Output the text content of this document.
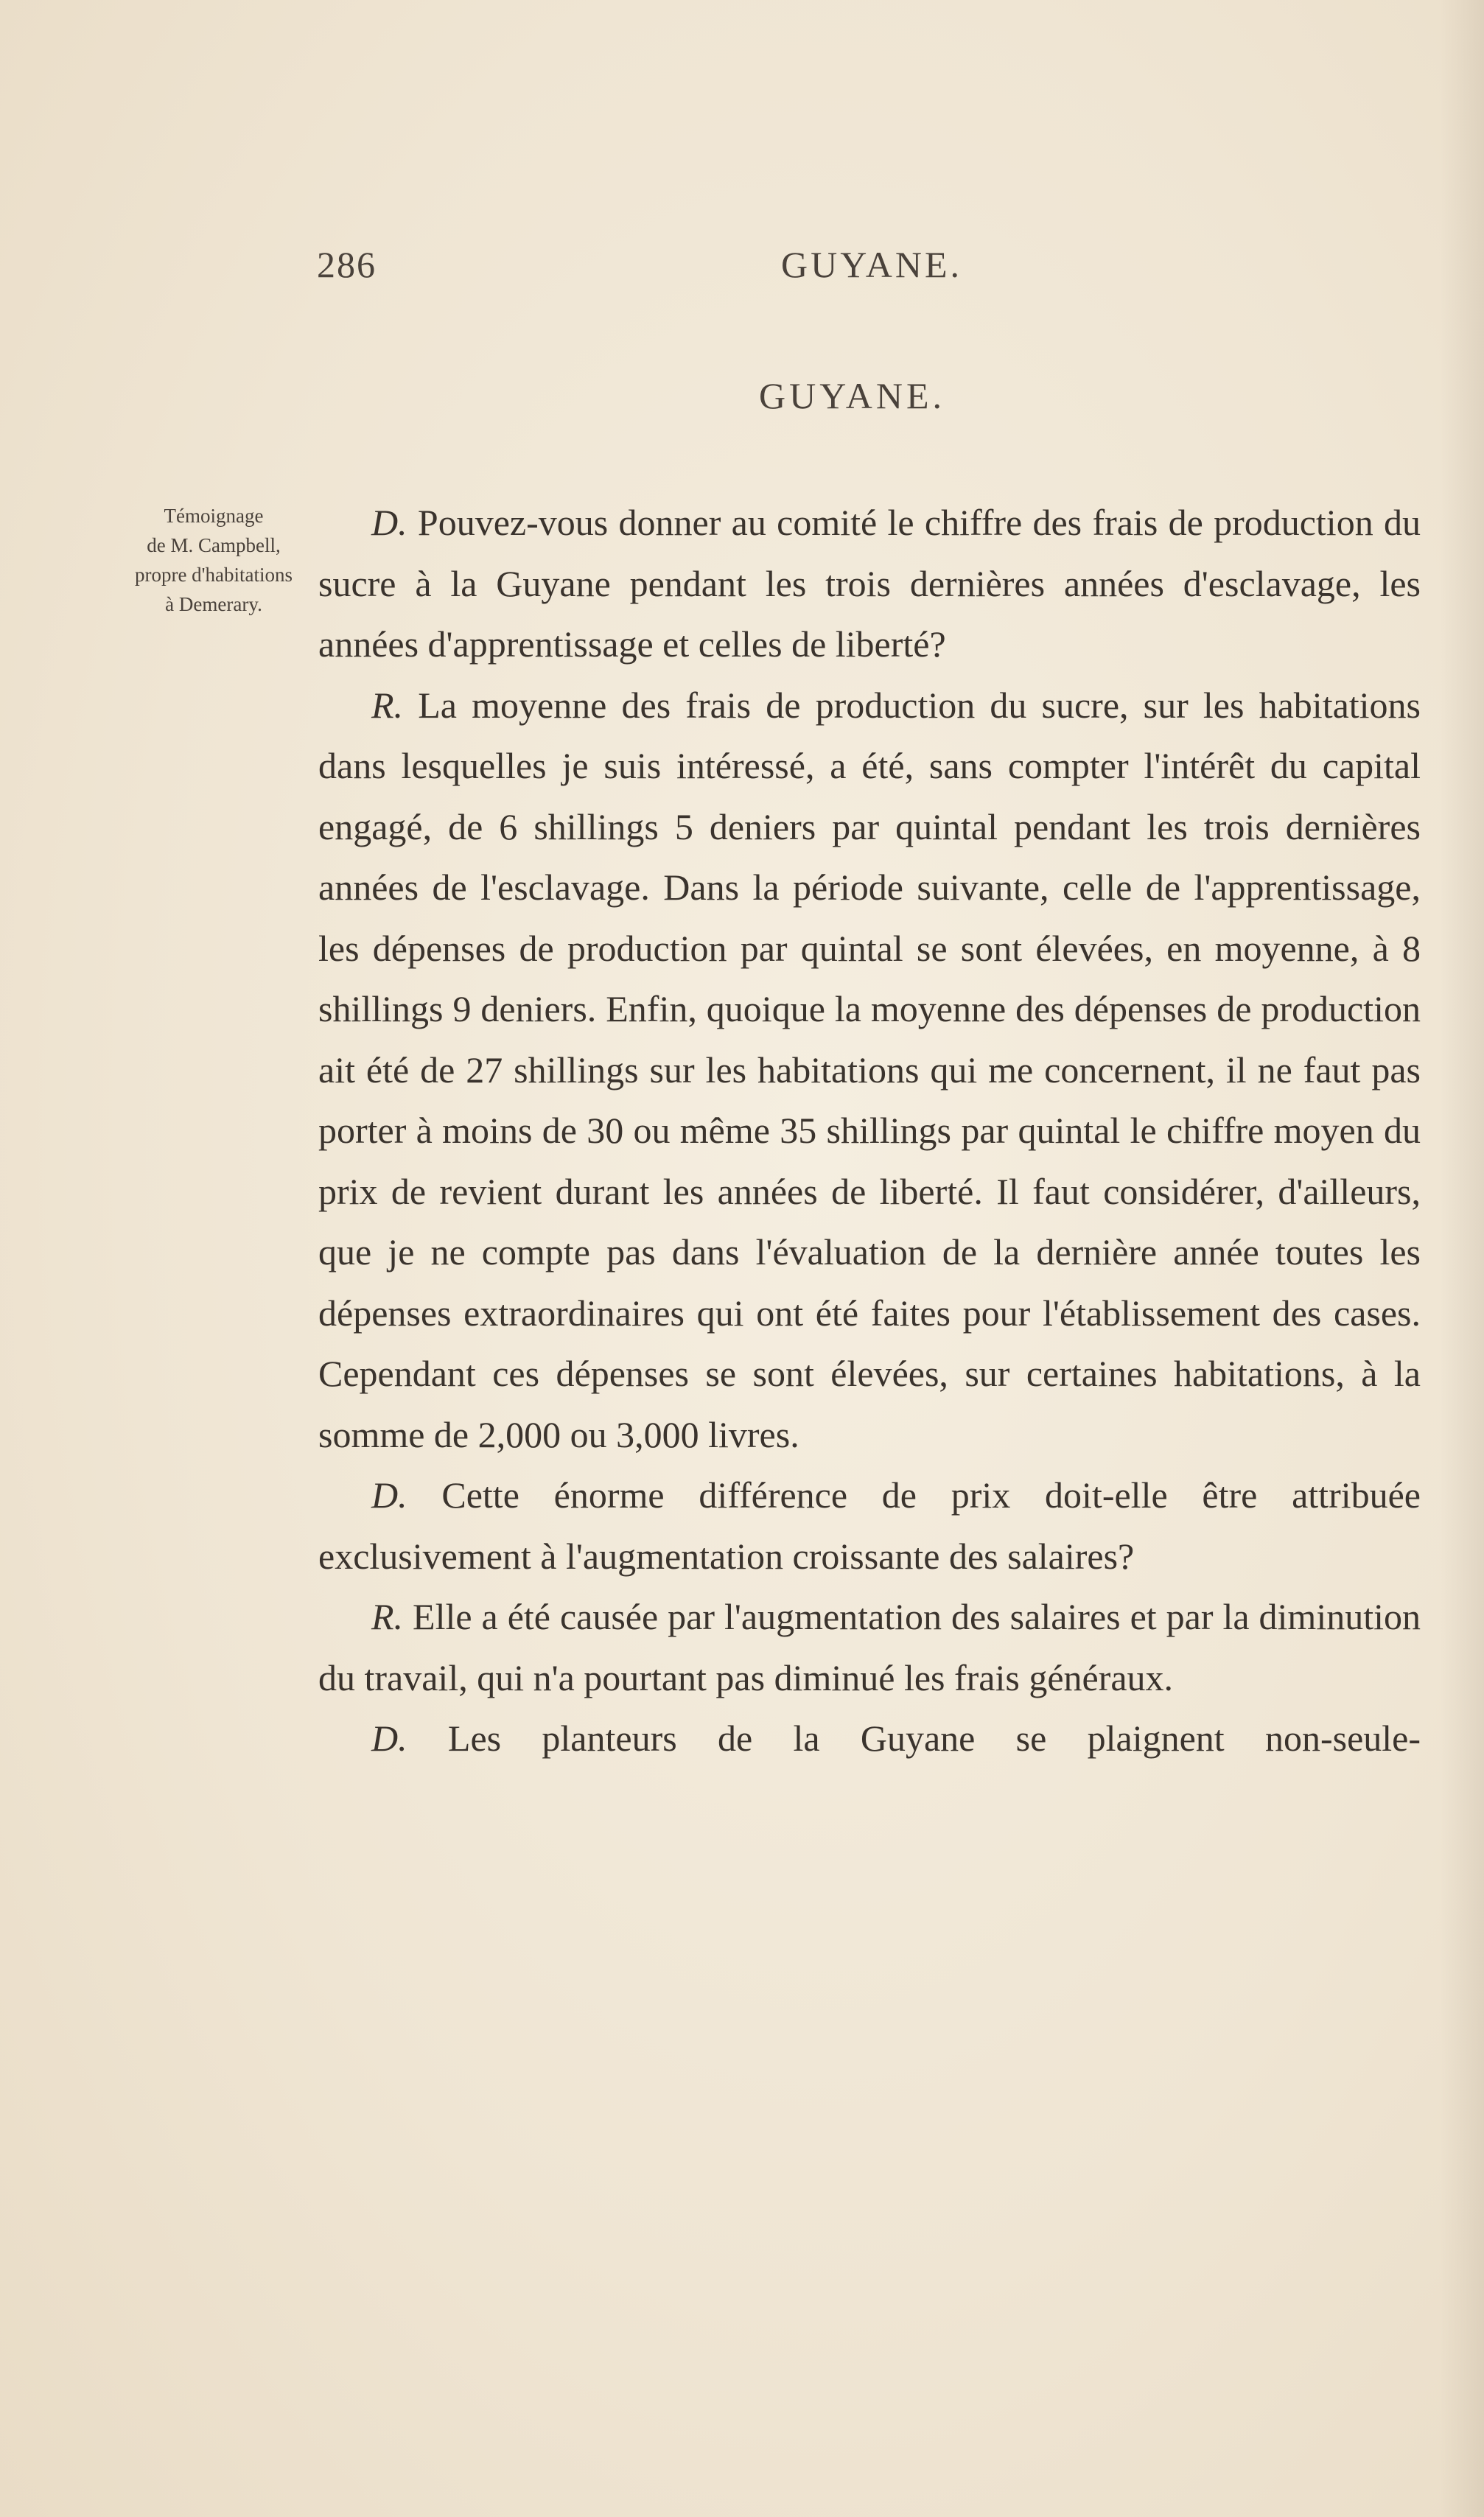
286	GUYANE.
GUYANE.
Témoignage
de M. Campbell,
propre d'habitations
à Demerary.

D. Pouvez-vous donner au comité le chiffre des frais de production du sucre à la Guyane pendant les trois dernières années d'esclavage, les années d'apprentissage et celles de liberté?

R. La moyenne des frais de production du sucre, sur les habitations dans lesquelles je suis intéressé, a été, sans compter l'intérêt du capital engagé, de 6 shillings 5 deniers par quintal pendant les trois dernières années de l'esclavage. Dans la période suivante, celle de l'apprentissage, les dépenses de production par quintal se sont élevées, en moyenne, à 8 shillings 9 deniers. Enfin, quoique la moyenne des dépenses de production ait été de 27 shillings sur les habitations qui me concernent, il ne faut pas porter à moins de 30 ou même 35 shillings par quintal le chiffre moyen du prix de revient durant les années de liberté. Il faut considérer, d'ailleurs, que je ne compte pas dans l'évaluation de la dernière année toutes les dépenses extraordinaires qui ont été faites pour l'établissement des cases. Cependant ces dépenses se sont élevées, sur certaines habitations, à la somme de 2,000 ou 3,000 livres.

D. Cette énorme différence de prix doit-elle être attribuée exclusivement à l'augmentation croissante des salaires?

R. Elle a été causée par l'augmentation des salaires et par la diminution du travail, qui n'a pourtant pas diminué les frais généraux.

D. Les planteurs de la Guyane se plaignent non-seule-
